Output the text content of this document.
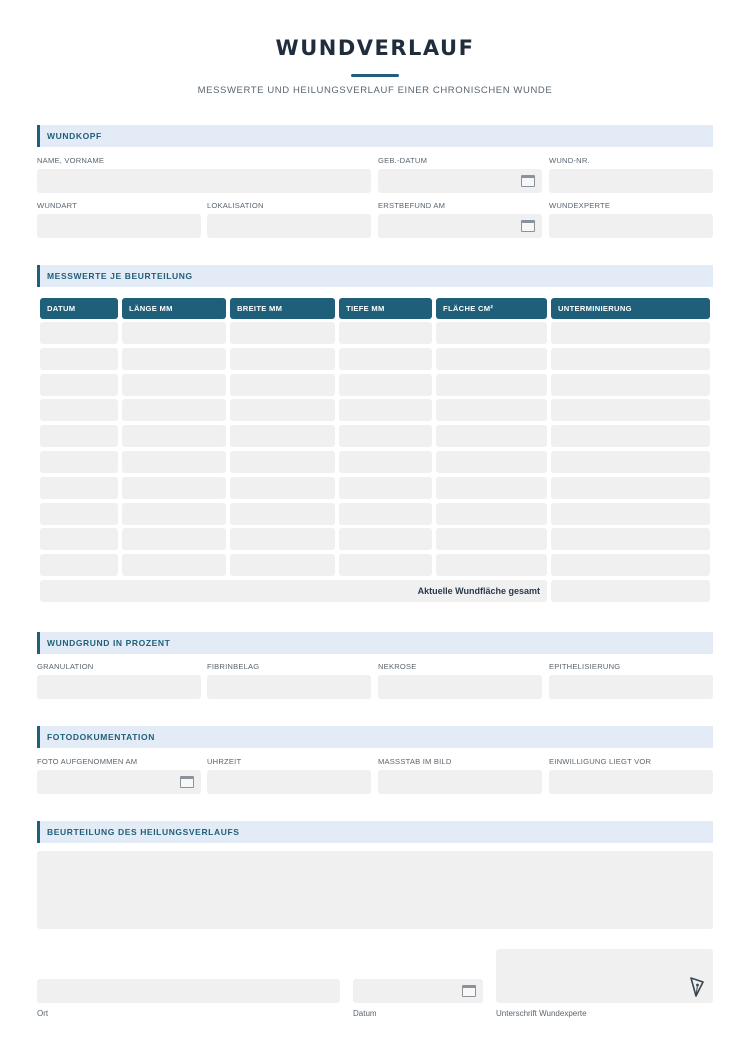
WUNDVERLAUF
MESSWERTE UND HEILUNGSVERLAUF EINER CHRONISCHEN WUNDE
WUNDKOPF
NAME, VORNAME	GEB.-DATUM	WUND-NR.
WUNDART	LOKALISATION	ERSTBEFUND AM	WUNDEXPERTE
MESSWERTE JE BEURTEILUNG
DATUM	LÄNGE MM	BREITE MM	TIEFE MM	FLÄCHE CM²	UNTERMINIERUNG
Aktuelle Wundfläche gesamt
WUNDGRUND IN PROZENT
GRANULATION	FIBRINBELAG	NEKROSE	EPITHELISIERUNG
FOTODOKUMENTATION
FOTO AUFGENOMMEN AM	UHRZEIT	MASSSTAB IM BILD	EINWILLIGUNG LIEGT VOR
BEURTEILUNG DES HEILUNGSVERLAUFS
Ort	Datum	Unterschrift Wundexperte
